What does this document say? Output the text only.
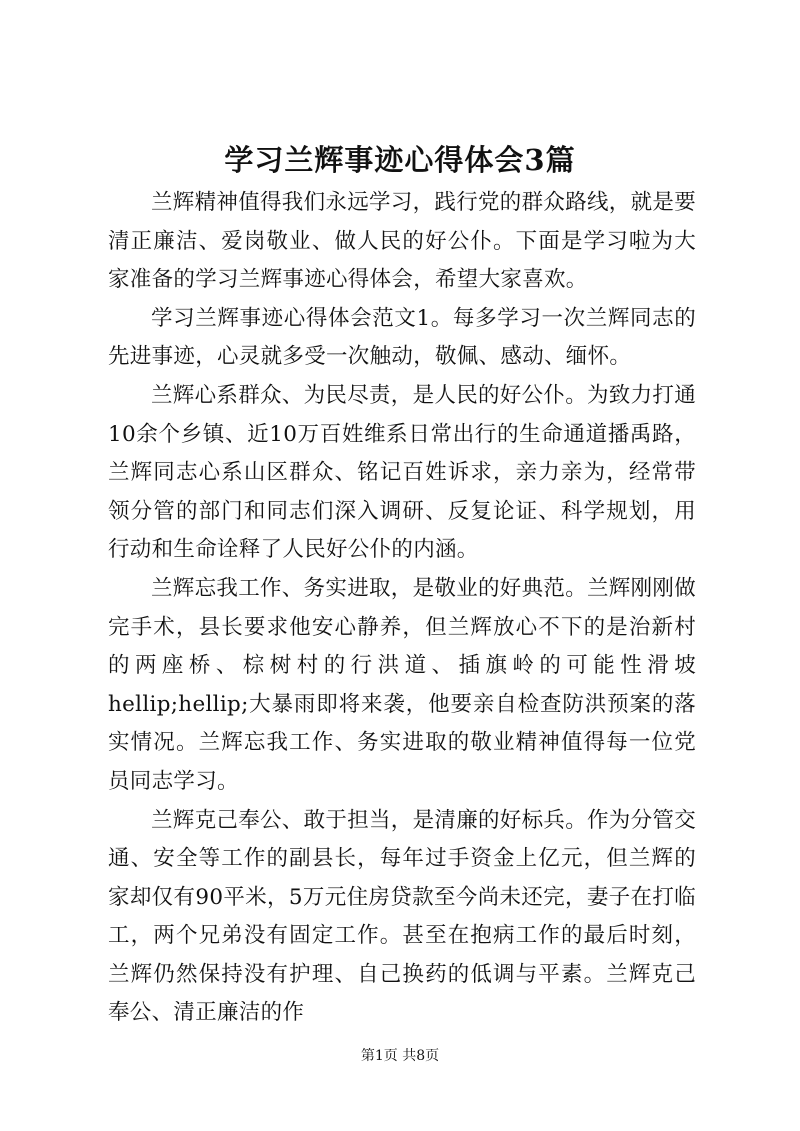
学习兰辉事迹心得体会3篇

兰辉精神值得我们永远学习，践行党的群众路线，就是要清正廉洁、爱岗敬业、做人民的好公仆。下面是学习啦为大家准备的学习兰辉事迹心得体会，希望大家喜欢。

学习兰辉事迹心得体会范文1。每多学习一次兰辉同志的先进事迹，心灵就多受一次触动，敬佩、感动、缅怀。

兰辉心系群众、为民尽责，是人民的好公仆。为致力打通10余个乡镇、近10万百姓维系日常出行的生命通道播禹路，兰辉同志心系山区群众、铭记百姓诉求，亲力亲为，经常带领分管的部门和同志们深入调研、反复论证、科学规划，用行动和生命诠释了人民好公仆的内涵。

兰辉忘我工作、务实进取，是敬业的好典范。兰辉刚刚做完手术，县长要求他安心静养，但兰辉放心不下的是治新村的两座桥、棕树村的行洪道、插旗岭的可能性滑坡hellip;hellip;大暴雨即将来袭，他要亲自检查防洪预案的落实情况。兰辉忘我工作、务实进取的敬业精神值得每一位党员同志学习。

兰辉克己奉公、敢于担当，是清廉的好标兵。作为分管交通、安全等工作的副县长，每年过手资金上亿元，但兰辉的家却仅有90平米，5万元住房贷款至今尚未还完，妻子在打临工，两个兄弟没有固定工作。甚至在抱病工作的最后时刻，兰辉仍然保持没有护理、自己换药的低调与平素。兰辉克己奉公、清正廉洁的作

第1页 共8页
